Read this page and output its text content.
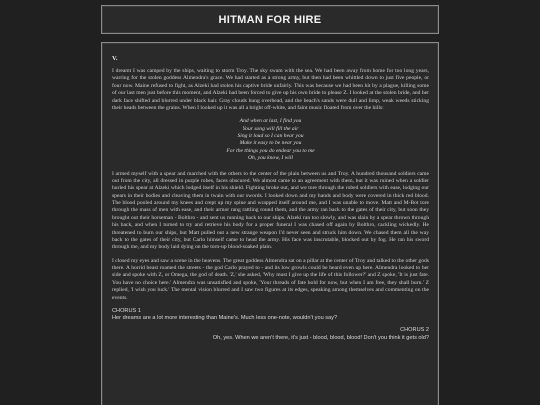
HITMAN FOR HIRE
V.

I dreamt I was camped by the ships, waiting to storm Troy. The sky swam with the sea. We had been away from home for too long years, warring for the stolen goddess Almendra's grace. We had started as a strong army, but then had been whittled down to just five people, or four now. Maine refused to fight, as Alzeki had stolen his captive bride unfairly. This was because we had been hit by a plague, killing some of our last men just before this moment, and Alzeki had been forced to give up his own bride to please Z. I looked at the stolen bride, and her dark face shifted and blurred under black hair. Gray clouds hung overhead, and the beach's sands were dull and limp, weak weeds sticking their heads between the grains. When I looked up it was all a bright off-white, and faint music floated from over the hills:

And when at last, I find you
Your song will fill the air
Sing it loud so I can hear you
Make it easy to be near you
For the things you do endear you to me
Oh, you know, I will

I armed myself with a spear and marched with the others to the center of the plain between us and Troy. A hundred thousand soldiers came out from the city, all dressed in purple robes, faces obscured. We almost came to an agreement with them, but it was ruined when a soldier hurled his spear at Alzeki which lodged itself in his shield. Fighting broke out, and we tore through the robed soldiers with ease, lodging our spears in their bodies and cleaving them in twain with our swords. I looked down and my hands and body were covered in thick red blood. The blood pooled around my knees and crept up my spine and wrapped itself around me, and I was unable to move. Matt and M-Bot tore through the mass of men with ease, and their armor rang rattling round them, and the army ran back to the gates of their city, but soon they brought out their horseman - Bolthro - and sent us running back to our ships. Alzeki ran too slowly, and was slain by a spear thrown through his back, and when I turned to try and retrieve his body for a proper funeral I was chased off again by Bolthro, cackling wickedly. He threatened to burn our ships, but Matt pulled out a new strange weapon I'd never seen and struck him down. We chased them all the way back to the gates of their city, but Carlo himself came to head the army. His face was inscrutable, blocked out by fog. He ran his sword through me, and my body laid dying on the torn-up blood-soaked plain.

I closed my eyes and saw a scene in the heavens. The great goddess Almendra sat on a pillar at the center of Troy and talked to the other gods there. A horrid beast roamed the streets - the god Carlo prayed to - and its low growls could be heard even up here. Almendra looked to her side and spoke with Z, or Omega, the god of death. 'Z,' she asked, 'Why must I give up the life of this follower?' and Z spoke, 'It is just fate. You have no choice here.' Almendra was unsatisfied and spoke, 'Your threads of fate hold for now, but when I am free, they shall burn.' Z replied, 'I wish you luck.' The mental vision blurred and I saw two figures at its edges, speaking among themselves and commenting on the events.

CHORUS 1
Her dreams are a lot more interesting than Maine's. Much less one-note, wouldn't you say?
CHORUS 2
Oh, yes. When we aren't there, it's just - blood, blood, blood! Don't you think it gets old?
